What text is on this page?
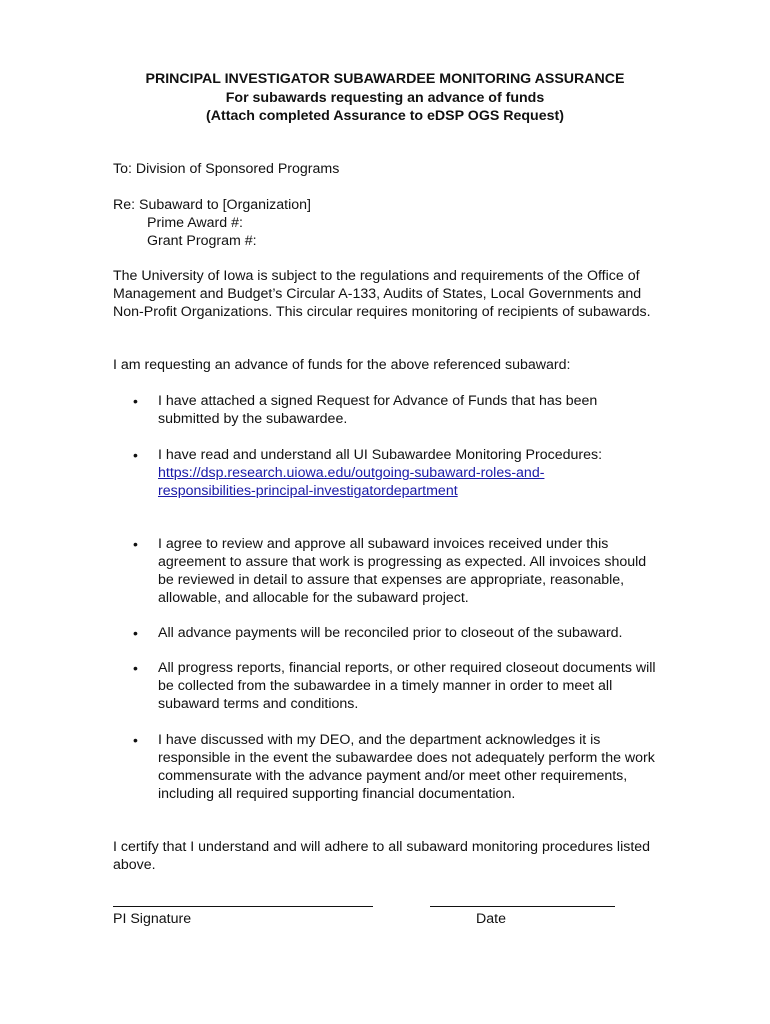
PRINCIPAL INVESTIGATOR SUBAWARDEE MONITORING ASSURANCE
For subawards requesting an advance of funds
(Attach completed Assurance to eDSP OGS Request)
To: Division of Sponsored Programs
Re: Subaward to [Organization]
Prime Award #:
Grant Program #:
The University of Iowa is subject to the regulations and requirements of the Office of Management and Budget’s Circular A-133, Audits of States, Local Governments and Non-Profit Organizations. This circular requires monitoring of recipients of subawards.
I am requesting an advance of funds for the above referenced subaward:
• I have attached a signed Request for Advance of Funds that has been submitted by the subawardee.
• I have read and understand all UI Subawardee Monitoring Procedures:
https://dsp.research.uiowa.edu/outgoing-subaward-roles-and-
responsibilities-principal-investigatordepartment
• I agree to review and approve all subaward invoices received under this agreement to assure that work is progressing as expected. All invoices should be reviewed in detail to assure that expenses are appropriate, reasonable, allowable, and allocable for the subaward project.
• All advance payments will be reconciled prior to closeout of the subaward.
• All progress reports, financial reports, or other required closeout documents will be collected from the subawardee in a timely manner in order to meet all subaward terms and conditions.
• I have discussed with my DEO, and the department acknowledges it is responsible in the event the subawardee does not adequately perform the work commensurate with the advance payment and/or meet other requirements, including all required supporting financial documentation.
I certify that I understand and will adhere to all subaward monitoring procedures listed above.
PI Signature	Date
